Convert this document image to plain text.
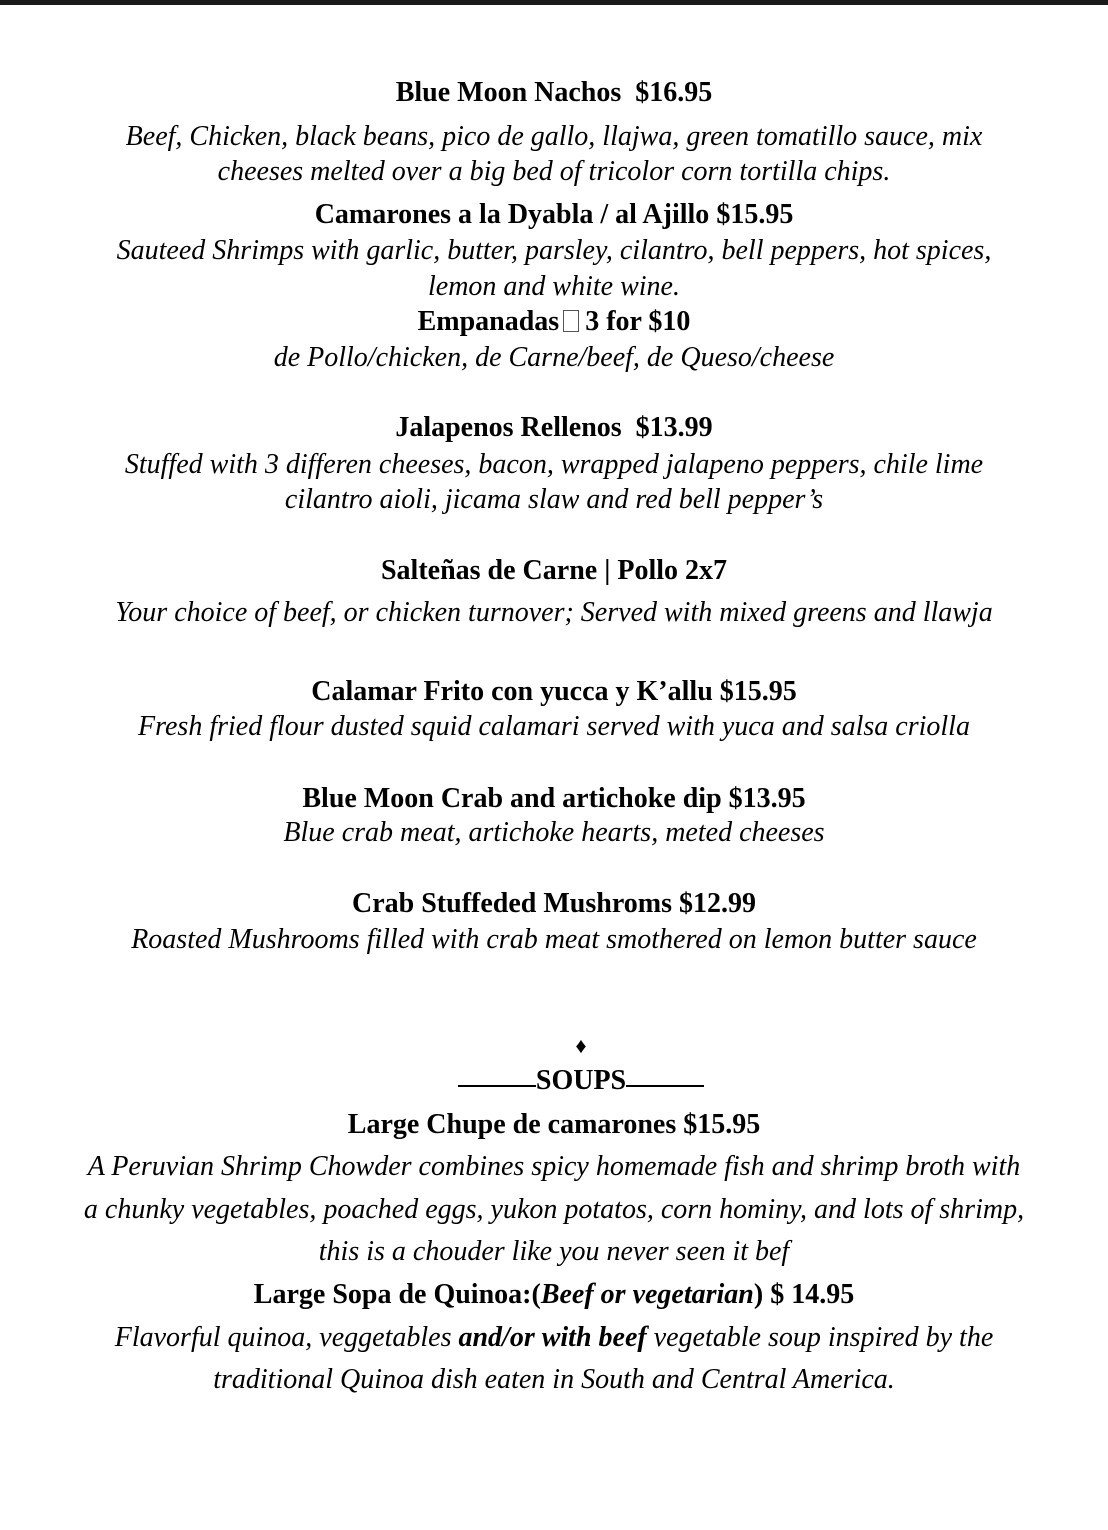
Blue Moon Nachos $16.95
Beef, Chicken, black beans, pico de gallo, llajwa, green tomatillo sauce, mix
cheeses melted over a big bed of tricolor corn tortilla chips.
Camarones a la Dyabla / al Ajillo $15.95
Sauteed Shrimps with garlic, butter, parsley, cilantro, bell peppers, hot spices,
lemon and white wine.
Empanadas 3 for $10
de Pollo/chicken, de Carne/beef, de Queso/cheese
Jalapenos Rellenos $13.99
Stuffed with 3 differen cheeses, bacon, wrapped jalapeno peppers, chile lime
cilantro aioli, jicama slaw and red bell pepper’s
Salteñas de Carne | Pollo 2x7
Your choice of beef, or chicken turnover; Served with mixed greens and llawja
Calamar Frito con yucca y K’allu $15.95
Fresh fried flour dusted squid calamari served with yuca and salsa criolla
Blue Moon Crab and artichoke dip $13.95
Blue crab meat, artichoke hearts, meted cheeses
Crab Stuffeded Mushroms $12.99
Roasted Mushrooms filled with crab meat smothered on lemon butter sauce
♦
SOUPS
Large Chupe de camarones $15.95
A Peruvian Shrimp Chowder combines spicy homemade fish and shrimp broth with
a chunky vegetables, poached eggs, yukon potatos, corn hominy, and lots of shrimp,
this is a chouder like you never seen it bef
Large Sopa de Quinoa:(Beef or vegetarian) $ 14.95
Flavorful quinoa, veggetables and/or with beef vegetable soup inspired by the
traditional Quinoa dish eaten in South and Central America.
